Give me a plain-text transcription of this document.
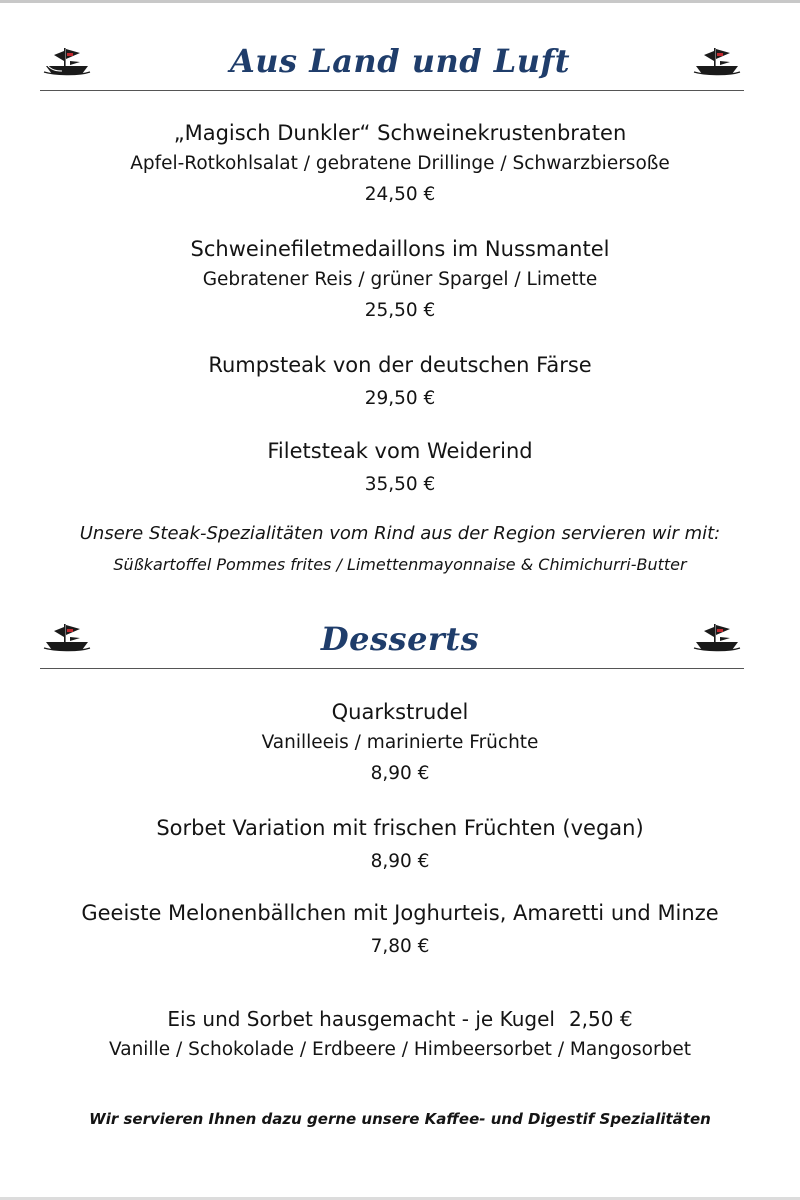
Aus Land und Luft
„Magisch Dunkler“ Schweinekrustenbraten
Apfel-Rotkohlsalat / gebratene Drillinge / Schwarzbiersoße
24,50 €
Schweinefiletmedaillons im Nussmantel
Gebratener Reis / grüner Spargel / Limette
25,50 €
Rumpsteak von der deutschen Färse
29,50 €
Filetsteak vom Weiderind
35,50 €
Unsere Steak-Spezialitäten vom Rind aus der Region servieren wir mit:
Süßkartoffel Pommes frites / Limettenmayonnaise & Chimichurri-Butter
Desserts
Quarkstrudel
Vanilleeis / marinierte Früchte
8,90 €
Sorbet Variation mit frischen Früchten (vegan)
8,90 €
Geeiste Melonenbällchen mit Joghurteis, Amaretti und Minze
7,80 €
Eis und Sorbet hausgemacht - je Kugel 2,50 €
Vanille / Schokolade / Erdbeere / Himbeersorbet / Mangosorbet
Wir servieren Ihnen dazu gerne unsere Kaffee- und Digestif Spezialitäten
